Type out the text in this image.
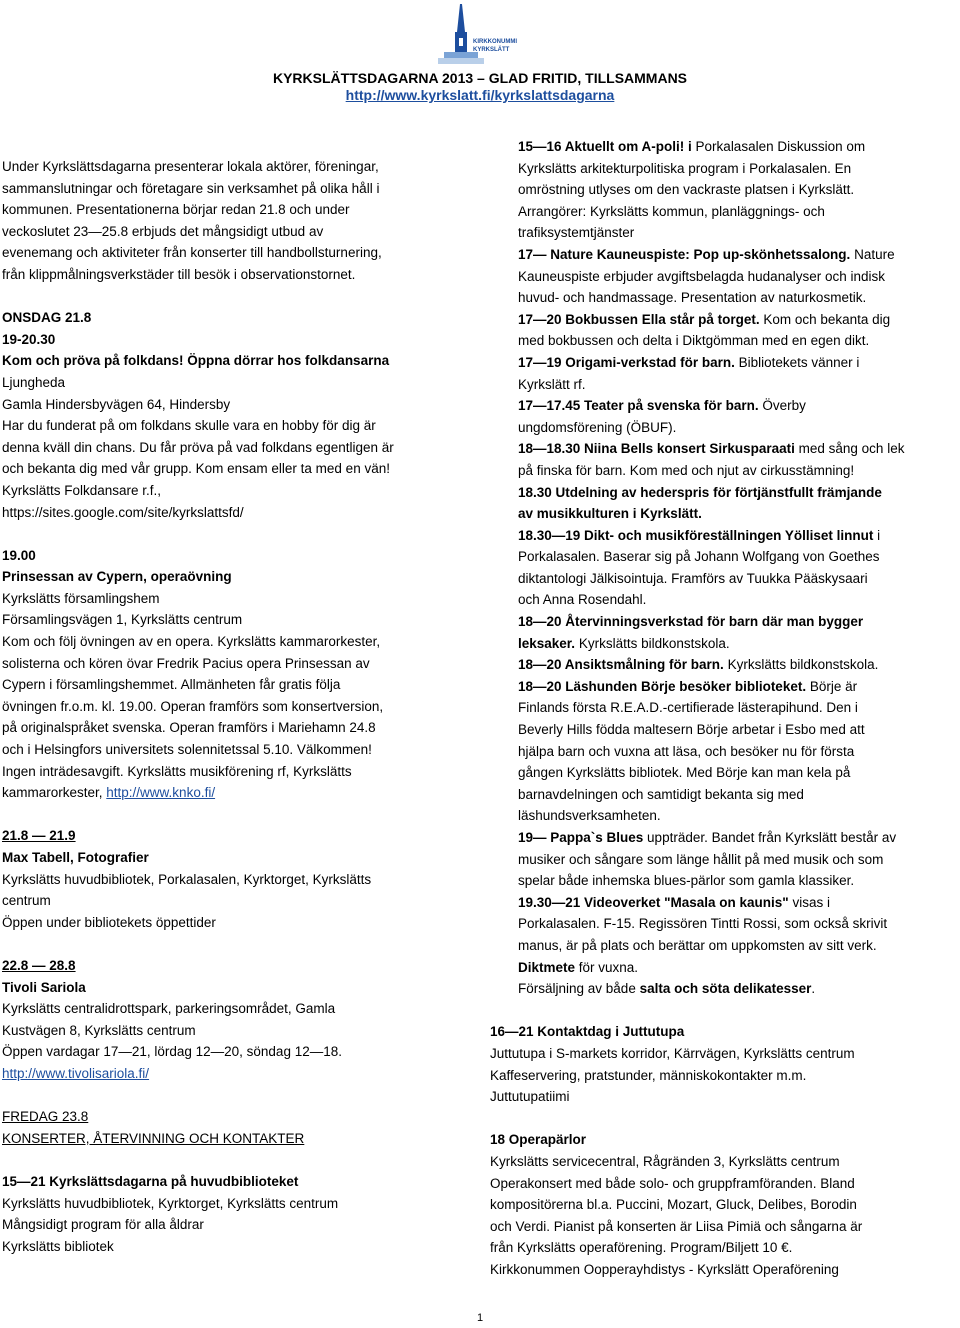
KIRKKONUMMI
KYRKSLÄTT
KYRKSLÄTTSDAGARNA 2013 – GLAD FRITID, TILLSAMMANS
http://www.kyrkslatt.fi/kyrkslattsdagarna

Under Kyrkslättsdagarna presenterar lokala aktörer, föreningar,

sammanslutningar och företagare sin verksamhet på olika håll i

kommunen. Presentationerna börjar redan 21.8 och under

veckoslutet 23—25.8 erbjuds det mångsidigt utbud av

evenemang och aktiviteter från konserter till handbollsturnering,

från klippmålningsverkstäder till besök i observationstornet.

ONSDAG 21.8

19-20.30

Kom och pröva på folkdans! Öppna dörrar hos folkdansarna

Ljungheda

Gamla Hindersbyvägen 64, Hindersby

Har du funderat på om folkdans skulle vara en hobby för dig är

denna kväll din chans. Du får pröva på vad folkdans egentligen är

och bekanta dig med vår grupp. Kom ensam eller ta med en vän!

Kyrkslätts Folkdansare r.f.,

https://sites.google.com/site/kyrkslattsfd/

19.00

Prinsessan av Cypern, operaövning

Kyrkslätts församlingshem

Församlingsvägen 1, Kyrkslätts centrum

Kom och följ övningen av en opera. Kyrkslätts kammarorkester,

solisterna och kören övar Fredrik Pacius opera Prinsessan av

Cypern i församlingshemmet. Allmänheten får gratis följa

övningen fr.o.m. kl. 19.00. Operan framförs som konsertversion,

på originalspråket svenska. Operan framförs i Mariehamn 24.8

och i Helsingfors universitets solennitetssal 5.10. Välkommen!

Ingen inträdesavgift. Kyrkslätts musikförening rf, Kyrkslätts

kammarorkester, http://www.knko.fi/

21.8 — 21.9

Max Tabell, Fotografier

Kyrkslätts huvudbibliotek, Porkalasalen, Kyrktorget, Kyrkslätts

centrum

Öppen under bibliotekets öppettider

22.8 — 28.8

Tivoli Sariola

Kyrkslätts centralidrottspark, parkeringsområdet, Gamla

Kustvägen 8, Kyrkslätts centrum

Öppen vardagar 17—21, lördag 12—20, söndag 12—18.

http://www.tivolisariola.fi/

FREDAG 23.8

KONSERTER, ÅTERVINNING OCH KONTAKTER

15—21 Kyrkslättsdagarna på huvudbiblioteket

Kyrkslätts huvudbibliotek, Kyrktorget, Kyrkslätts centrum

Mångsidigt program för alla åldrar

Kyrkslätts bibliotek

15—16 Aktuellt om A-poli! i Porkalasalen Diskussion om

Kyrkslätts arkitekturpolitiska program i Porkalasalen. En

omröstning utlyses om den vackraste platsen i Kyrkslätt.

Arrangörer: Kyrkslätts kommun, planläggnings- och

trafiksystemtjänster

17— Nature Kauneuspiste: Pop up-skönhetssalong. Nature

Kauneuspiste erbjuder avgiftsbelagda hudanalyser och indisk

huvud- och handmassage. Presentation av naturkosmetik.

17—20 Bokbussen Ella står på torget. Kom och bekanta dig

med bokbussen och delta i Diktgömman med en egen dikt.

17—19 Origami-verkstad för barn. Bibliotekets vänner i

Kyrkslätt rf.

17—17.45 Teater på svenska för barn. Överby

ungdomsförening (ÖBUF).

18—18.30 Niina Bells konsert Sirkusparaati med sång och lek

på finska för barn. Kom med och njut av cirkusstämning!

18.30 Utdelning av hederspris för förtjänstfullt främjande

av musikkulturen i Kyrkslätt.

18.30—19 Dikt- och musikföreställningen Yölliset linnut i

Porkalasalen. Baserar sig på Johann Wolfgang von Goethes

diktantologi Jälkisointuja. Framförs av Tuukka Pääskysaari

och Anna Rosendahl.

18—20 Återvinningsverkstad för barn där man bygger

leksaker. Kyrkslätts bildkonstskola.

18—20 Ansiktsmålning för barn. Kyrkslätts bildkonstskola.

18—20 Läshunden Börje besöker biblioteket. Börje är

Finlands första R.E.A.D.-certifierade lästerapihund. Den i

Beverly Hills födda maltesern Börje arbetar i Esbo med att

hjälpa barn och vuxna att läsa, och besöker nu för första

gången Kyrkslätts bibliotek. Med Börje kan man kela på

barnavdelningen och samtidigt bekanta sig med

läshundsverksamheten.

19— Pappa`s Blues uppträder. Bandet från Kyrkslätt består av

musiker och sångare som länge hållit på med musik och som

spelar både inhemska blues-pärlor som gamla klassiker.

19.30—21 Videoverket "Masala on kaunis" visas i

Porkalasalen. F-15. Regissören Tintti Rossi, som också skrivit

manus, är på plats och berättar om uppkomsten av sitt verk.

Diktmete för vuxna.

Försäljning av både salta och söta delikatesser.

16—21 Kontaktdag i Juttutupa

Juttutupa i S-markets korridor, Kärrvägen, Kyrkslätts centrum

Kaffeservering, pratstunder, människokontakter m.m.

Juttutupatiimi

18 Operapärlor

Kyrkslätts servicecentral, Rågränden 3, Kyrkslätts centrum

Operakonsert med både solo- och gruppframföranden. Bland

kompositörerna bl.a. Puccini, Mozart, Gluck, Delibes, Borodin

och Verdi. Pianist på konserten är Liisa Pimiä och sångarna är

från Kyrkslätts operaförening. Program/Biljett 10 €.

Kirkkonummen Oopperayhdistys - Kyrkslätt Operaförening

1
